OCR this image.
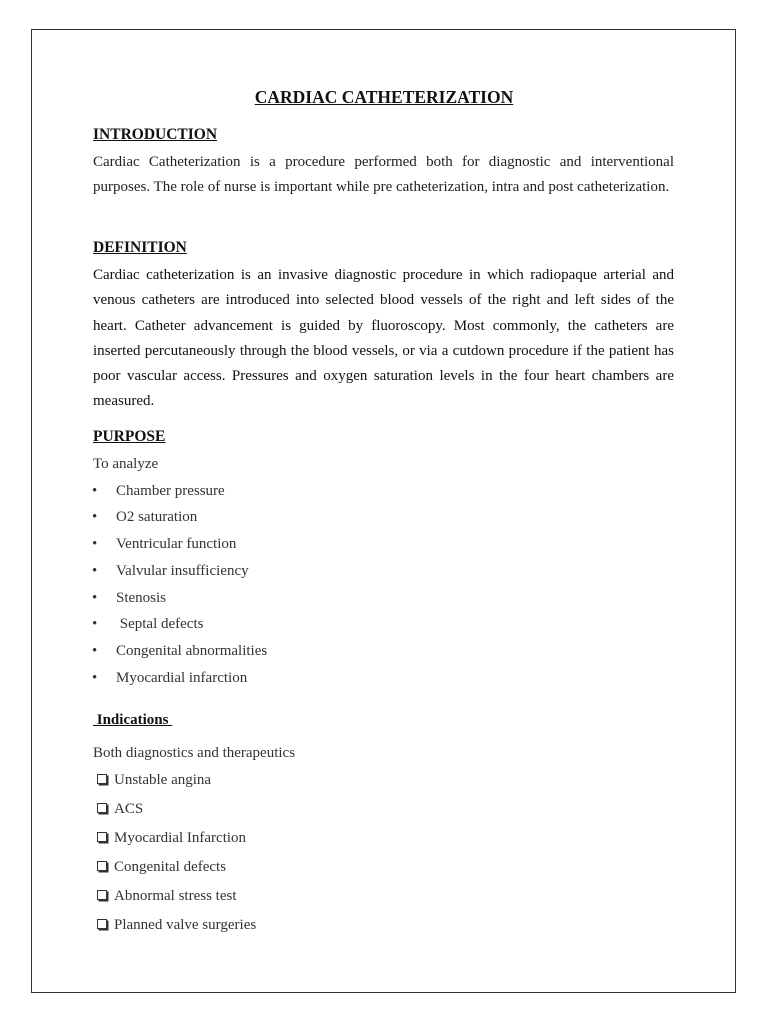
CARDIAC CATHETERIZATION
INTRODUCTION

Cardiac Catheterization is a procedure performed both for diagnostic and interventional purposes. The role of nurse is important while pre catheterization, intra and post catheterization.

DEFINITION

Cardiac catheterization is an invasive diagnostic procedure in which radiopaque arterial and venous catheters are introduced into selected blood vessels of the right and left sides of the heart. Catheter advancement is guided by fluoroscopy. Most commonly, the catheters are inserted percutaneously through the blood vessels, or via a cutdown procedure if the patient has poor vascular access. Pressures and oxygen saturation levels in the four heart chambers are measured.

PURPOSE
To analyze
• Chamber pressure
• O2 saturation
• Ventricular function
• Valvular insufficiency
• Stenosis
• Septal defects
• Congenital abnormalities
• Myocardial infarction
Indications
Both diagnostics and therapeutics
Unstable angina
ACS
Myocardial Infarction
Congenital defects
Abnormal stress test
Planned valve surgeries
